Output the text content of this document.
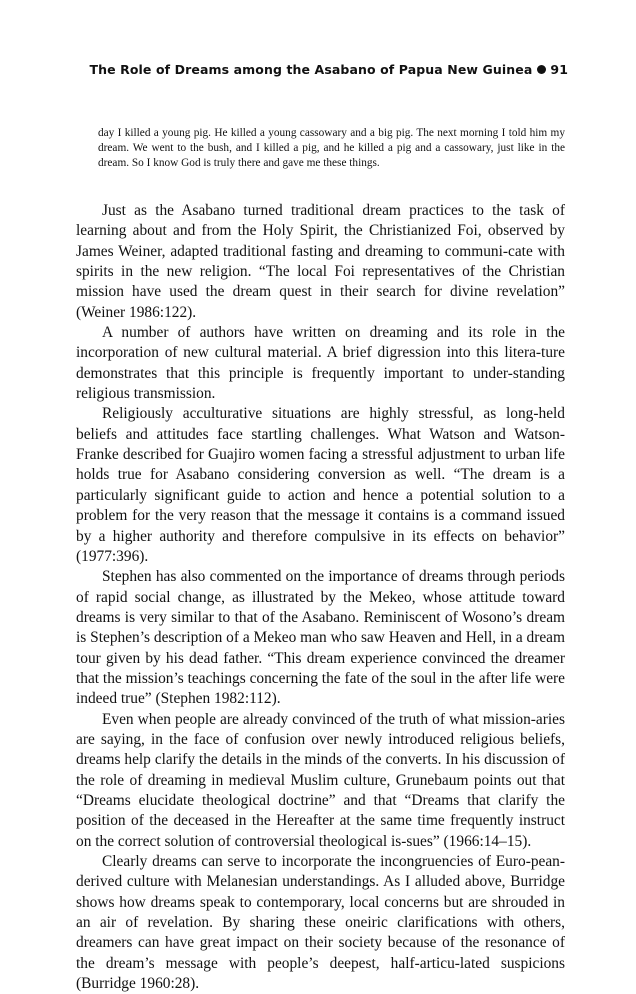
The Role of Dreams among the Asabano of Papua New Guinea 91
day I killed a young pig. He killed a young cassowary and a big pig. The next morning I told him my dream. We went to the bush, and I killed a pig, and he killed a pig and a cassowary, just like in the dream. So I know God is truly there and gave me these things.

Just as the Asabano turned traditional dream practices to the task of learning about and from the Holy Spirit, the Christianized Foi, observed by James Weiner, adapted traditional fasting and dreaming to communi-cate with spirits in the new religion. “The local Foi representatives of the Christian mission have used the dream quest in their search for divine revelation” (Weiner 1986:122).

A number of authors have written on dreaming and its role in the incorporation of new cultural material. A brief digression into this litera-ture demonstrates that this principle is frequently important to under-standing religious transmission.

Religiously acculturative situations are highly stressful, as long-held beliefs and attitudes face startling challenges. What Watson and Watson-Franke described for Guajiro women facing a stressful adjustment to urban life holds true for Asabano considering conversion as well. “The dream is a particularly significant guide to action and hence a potential solution to a problem for the very reason that the message it contains is a command issued by a higher authority and therefore compulsive in its effects on behavior” (1977:396).

Stephen has also commented on the importance of dreams through periods of rapid social change, as illustrated by the Mekeo, whose attitude toward dreams is very similar to that of the Asabano. Reminiscent of Wosono’s dream is Stephen’s description of a Mekeo man who saw Heaven and Hell, in a dream tour given by his dead father. “This dream experience convinced the dreamer that the mission’s teachings concerning the fate of the soul in the after life were indeed true” (Stephen 1982:112).

Even when people are already convinced of the truth of what mission-aries are saying, in the face of confusion over newly introduced religious beliefs, dreams help clarify the details in the minds of the converts. In his discussion of the role of dreaming in medieval Muslim culture, Grunebaum points out that “Dreams elucidate theological doctrine” and that “Dreams that clarify the position of the deceased in the Hereafter at the same time frequently instruct on the correct solution of controversial theological is-sues” (1966:14–15).

Clearly dreams can serve to incorporate the incongruencies of Euro-pean-derived culture with Melanesian understandings. As I alluded above, Burridge shows how dreams speak to contemporary, local concerns but are shrouded in an air of revelation. By sharing these oneiric clarifications with others, dreamers can have great impact on their society because of the resonance of the dream’s message with people’s deepest, half-articu-lated suspicions (Burridge 1960:28).
